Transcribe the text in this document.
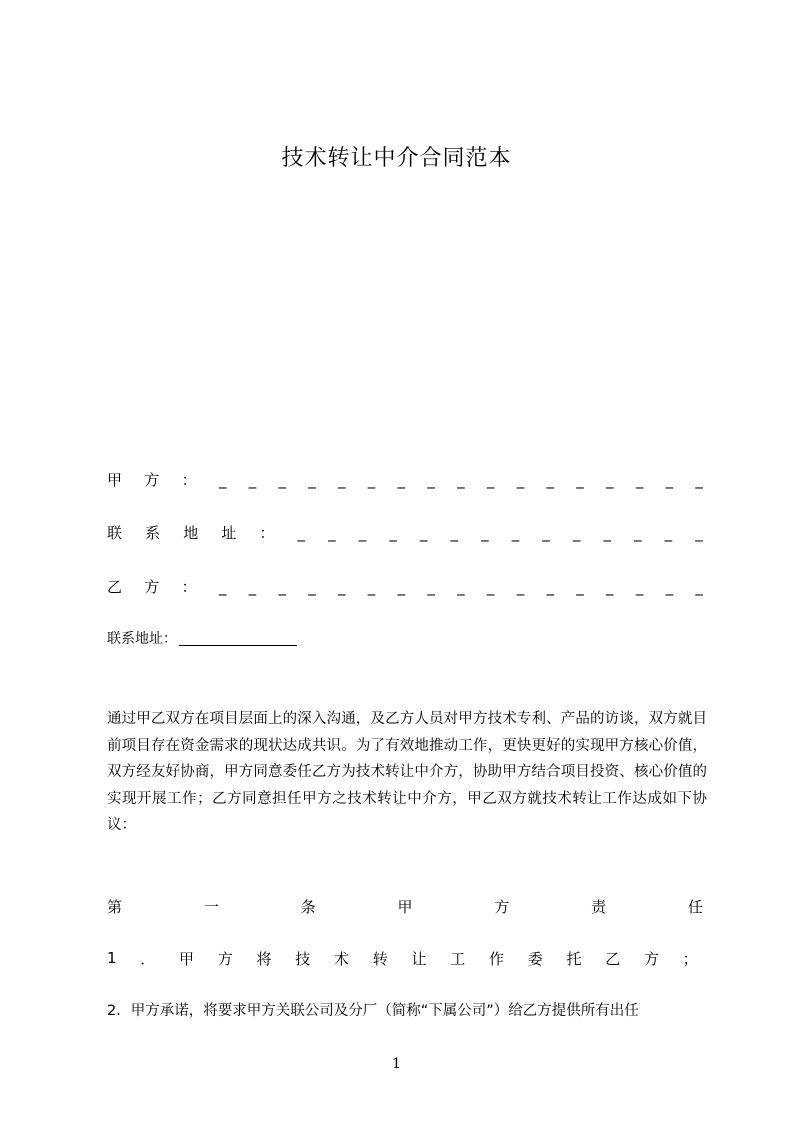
技术转让中介合同范本
甲 方 ： _ _ _ _ _ _ _ _ _ _ _ _ _ _ _ _ _
联 系 地 址 ： _ _ _ _ _ _ _ _ _ _ _ _ _ _
乙 方 ： _ _ _ _ _ _ _ _ _ _ _ _ _ _ _ _ _
联系地址：

通过甲乙双方在项目层面上的深入沟通，及乙方人员对甲方技术专利、产品的访谈，双方就目前项目存在资金需求的现状达成共识。为了有效地推动工作，更快更好的实现甲方核心价值，双方经友好协商，甲方同意委任乙方为技术转让中介方，协助甲方结合项目投资、核心价值的实现开展工作；乙方同意担任甲方之技术转让中介方，甲乙双方就技术转让工作达成如下协议：

第	一	条	甲	方	责	任
1 ． 甲 方 将 技 术 转 让 工 作 委 托 乙 方 ；

2．甲方承诺，将要求甲方关联公司及分厂（简称“下属公司”）给乙方提供所有出任

1
